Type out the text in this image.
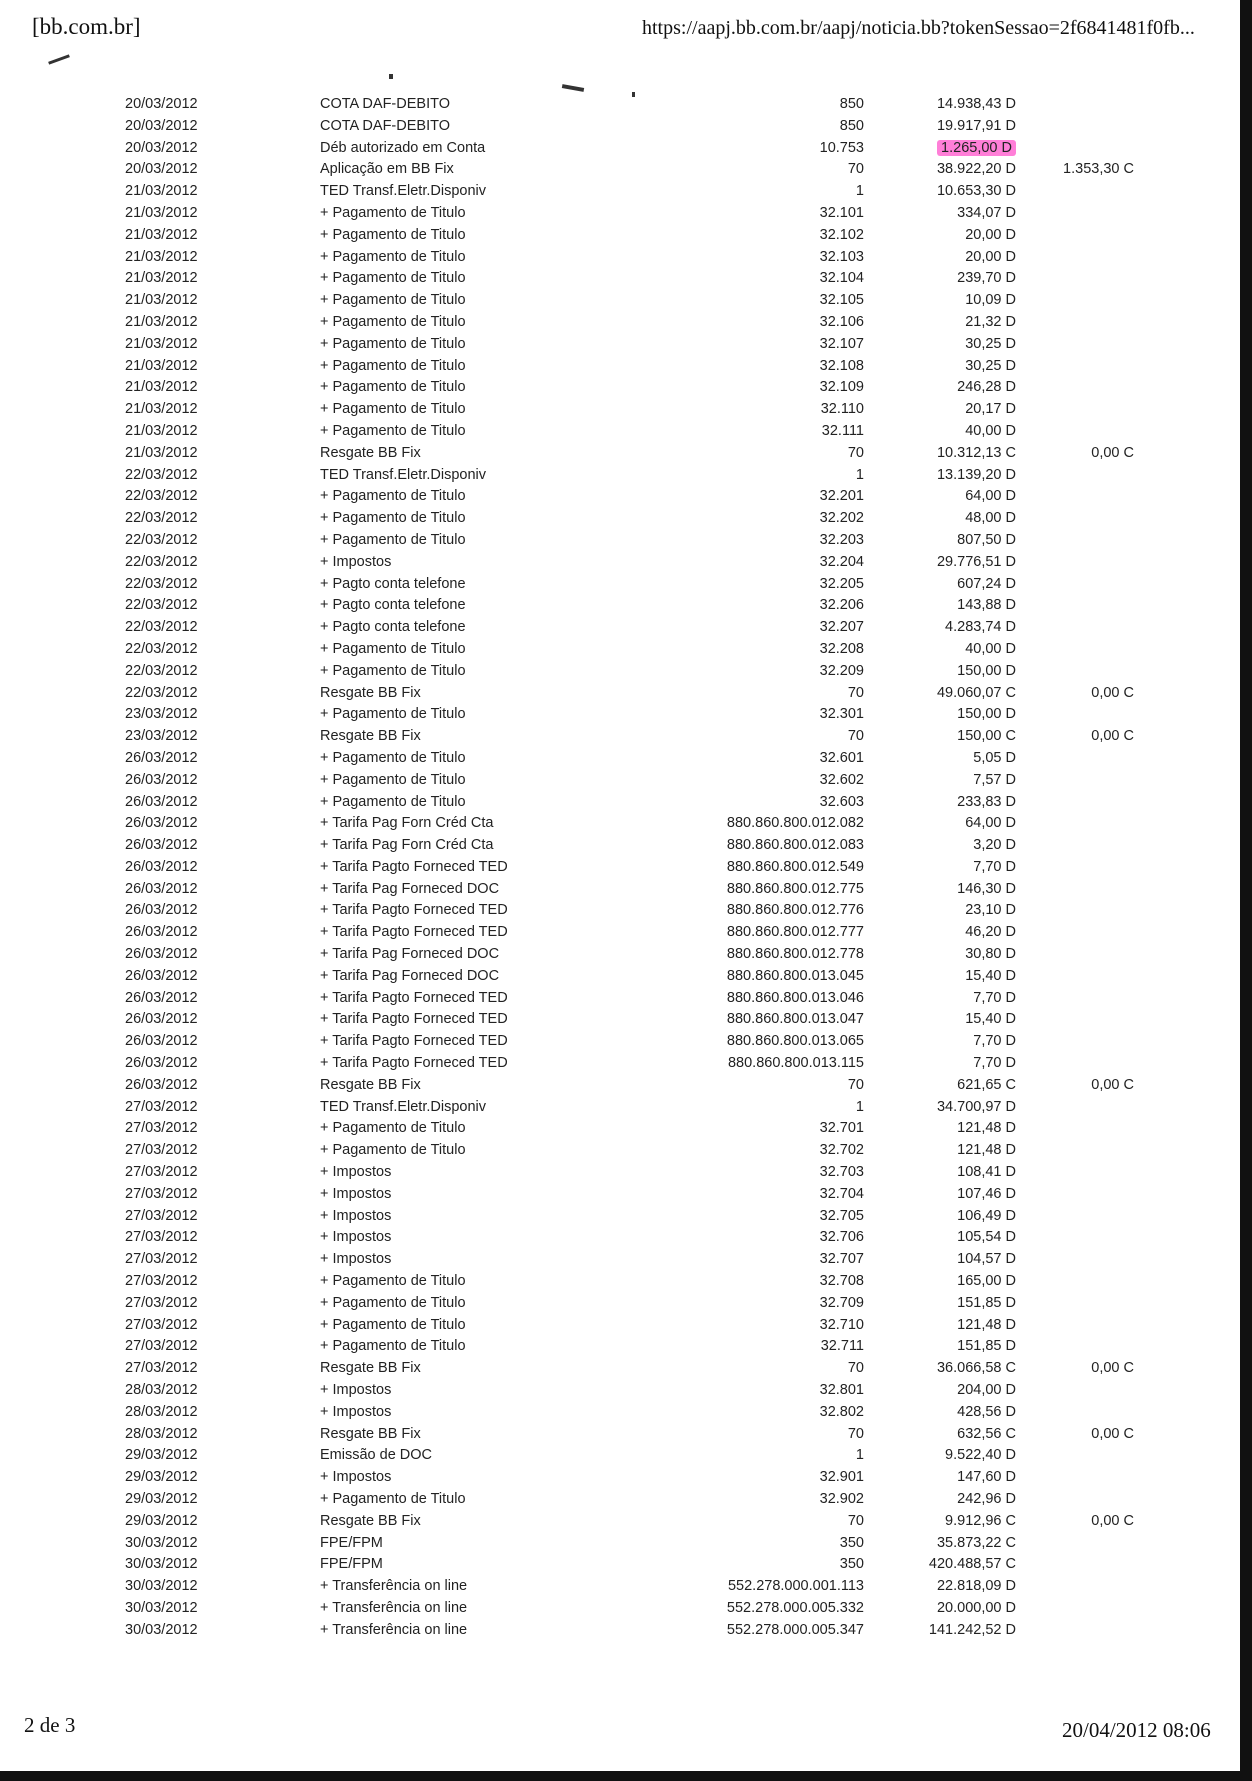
[bb.com.br]	https://aapj.bb.com.br/aapj/noticia.bb?tokenSessao=2f6841481f0fb...
20/03/2012	COTA DAF-DEBITO	850	14.938,43 D
20/03/2012	COTA DAF-DEBITO	850	19.917,91 D
20/03/2012	Déb autorizado em Conta	10.753	1.265,00 D
20/03/2012	Aplicação em BB Fix	70	38.922,20 D	1.353,30 C
21/03/2012	TED Transf.Eletr.Disponiv	1	10.653,30 D
21/03/2012	+ Pagamento de Titulo	32.101	334,07 D
21/03/2012	+ Pagamento de Titulo	32.102	20,00 D
21/03/2012	+ Pagamento de Titulo	32.103	20,00 D
21/03/2012	+ Pagamento de Titulo	32.104	239,70 D
21/03/2012	+ Pagamento de Titulo	32.105	10,09 D
21/03/2012	+ Pagamento de Titulo	32.106	21,32 D
21/03/2012	+ Pagamento de Titulo	32.107	30,25 D
21/03/2012	+ Pagamento de Titulo	32.108	30,25 D
21/03/2012	+ Pagamento de Titulo	32.109	246,28 D
21/03/2012	+ Pagamento de Titulo	32.110	20,17 D
21/03/2012	+ Pagamento de Titulo	32.111	40,00 D
21/03/2012	Resgate BB Fix	70	10.312,13 C	0,00 C
22/03/2012	TED Transf.Eletr.Disponiv	1	13.139,20 D
22/03/2012	+ Pagamento de Titulo	32.201	64,00 D
22/03/2012	+ Pagamento de Titulo	32.202	48,00 D
22/03/2012	+ Pagamento de Titulo	32.203	807,50 D
22/03/2012	+ Impostos	32.204	29.776,51 D
22/03/2012	+ Pagto conta telefone	32.205	607,24 D
22/03/2012	+ Pagto conta telefone	32.206	143,88 D
22/03/2012	+ Pagto conta telefone	32.207	4.283,74 D
22/03/2012	+ Pagamento de Titulo	32.208	40,00 D
22/03/2012	+ Pagamento de Titulo	32.209	150,00 D
22/03/2012	Resgate BB Fix	70	49.060,07 C	0,00 C
23/03/2012	+ Pagamento de Titulo	32.301	150,00 D
23/03/2012	Resgate BB Fix	70	150,00 C	0,00 C
26/03/2012	+ Pagamento de Titulo	32.601	5,05 D
26/03/2012	+ Pagamento de Titulo	32.602	7,57 D
26/03/2012	+ Pagamento de Titulo	32.603	233,83 D
26/03/2012	+ Tarifa Pag Forn Créd Cta	880.860.800.012.082	64,00 D
26/03/2012	+ Tarifa Pag Forn Créd Cta	880.860.800.012.083	3,20 D
26/03/2012	+ Tarifa Pagto Forneced TED	880.860.800.012.549	7,70 D
26/03/2012	+ Tarifa Pag Forneced DOC	880.860.800.012.775	146,30 D
26/03/2012	+ Tarifa Pagto Forneced TED	880.860.800.012.776	23,10 D
26/03/2012	+ Tarifa Pagto Forneced TED	880.860.800.012.777	46,20 D
26/03/2012	+ Tarifa Pag Forneced DOC	880.860.800.012.778	30,80 D
26/03/2012	+ Tarifa Pag Forneced DOC	880.860.800.013.045	15,40 D
26/03/2012	+ Tarifa Pagto Forneced TED	880.860.800.013.046	7,70 D
26/03/2012	+ Tarifa Pagto Forneced TED	880.860.800.013.047	15,40 D
26/03/2012	+ Tarifa Pagto Forneced TED	880.860.800.013.065	7,70 D
26/03/2012	+ Tarifa Pagto Forneced TED	880.860.800.013.115	7,70 D
26/03/2012	Resgate BB Fix	70	621,65 C	0,00 C
27/03/2012	TED Transf.Eletr.Disponiv	1	34.700,97 D
27/03/2012	+ Pagamento de Titulo	32.701	121,48 D
27/03/2012	+ Pagamento de Titulo	32.702	121,48 D
27/03/2012	+ Impostos	32.703	108,41 D
27/03/2012	+ Impostos	32.704	107,46 D
27/03/2012	+ Impostos	32.705	106,49 D
27/03/2012	+ Impostos	32.706	105,54 D
27/03/2012	+ Impostos	32.707	104,57 D
27/03/2012	+ Pagamento de Titulo	32.708	165,00 D
27/03/2012	+ Pagamento de Titulo	32.709	151,85 D
27/03/2012	+ Pagamento de Titulo	32.710	121,48 D
27/03/2012	+ Pagamento de Titulo	32.711	151,85 D
27/03/2012	Resgate BB Fix	70	36.066,58 C	0,00 C
28/03/2012	+ Impostos	32.801	204,00 D
28/03/2012	+ Impostos	32.802	428,56 D
28/03/2012	Resgate BB Fix	70	632,56 C	0,00 C
29/03/2012	Emissão de DOC	1	9.522,40 D
29/03/2012	+ Impostos	32.901	147,60 D
29/03/2012	+ Pagamento de Titulo	32.902	242,96 D
29/03/2012	Resgate BB Fix	70	9.912,96 C	0,00 C
30/03/2012	FPE/FPM	350	35.873,22 C
30/03/2012	FPE/FPM	350	420.488,57 C
30/03/2012	+ Transferência on line	552.278.000.001.113	22.818,09 D
30/03/2012	+ Transferência on line	552.278.000.005.332	20.000,00 D
30/03/2012	+ Transferência on line	552.278.000.005.347	141.242,52 D
2 de 3	20/04/2012 08:06
